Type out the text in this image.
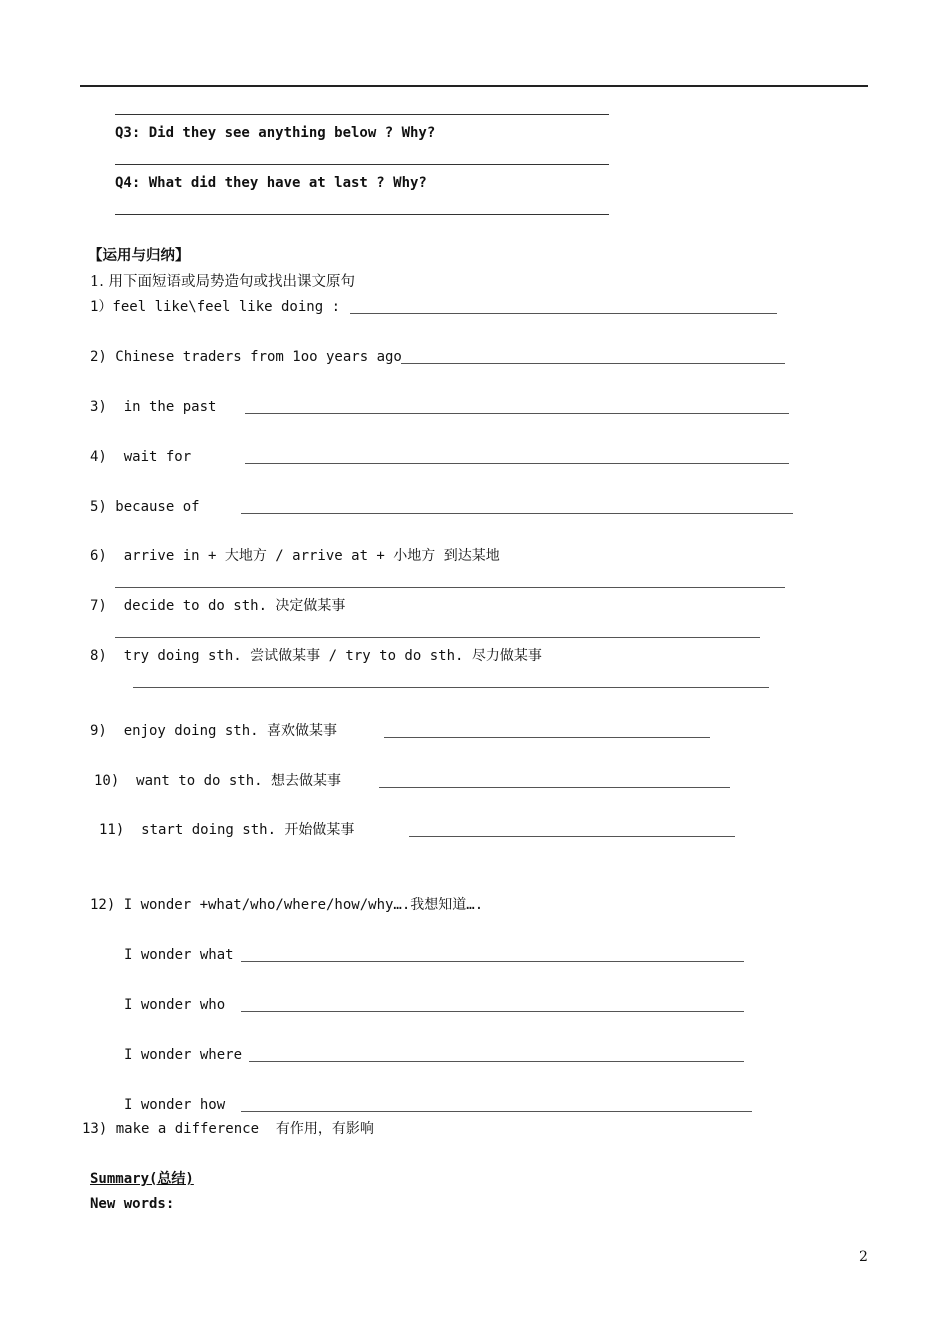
Q3: Did they see anything below ? Why?
Q4: What did they have at last ? Why?
【运用与归纳】
1. 用下面短语或局势造句或找出课文原句
1）feel like\feel like doing :
2) Chinese traders from 1oo years ago
3)  in the past
4)  wait for
5) because of
6)  arrive in + 大地方 / arrive at + 小地方 到达某地
7)  decide to do sth. 决定做某事
8)  try doing sth. 尝试做某事 / try to do sth. 尽力做某事
9)  enjoy doing sth. 喜欢做某事
10)  want to do sth. 想去做某事
11)  start doing sth. 开始做某事
12) I wonder +what/who/where/how/why….我想知道….
I wonder what
I wonder who
I wonder where
I wonder how
13) make a difference  有作用，有影响
Summary(总结)
New words:
2
